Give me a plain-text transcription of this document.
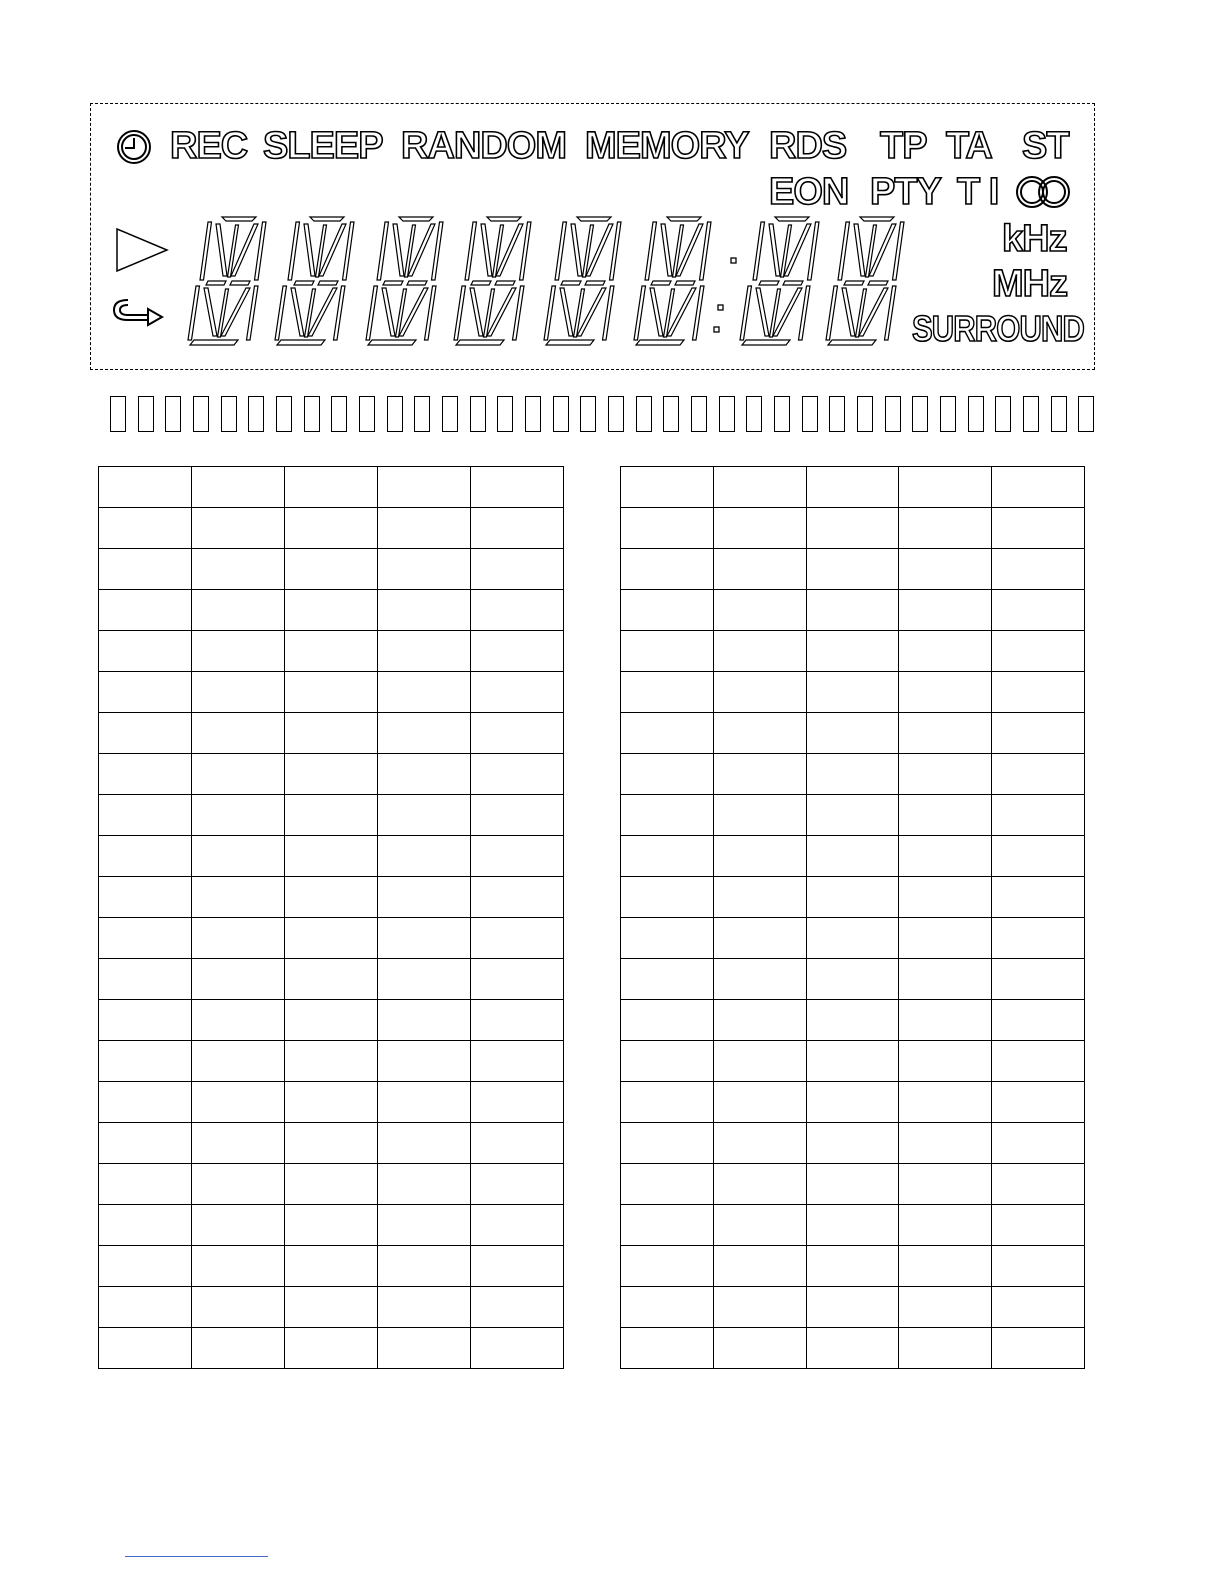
REC SLEEP RANDOM MEMORY RDS TP TA ST
EON PTY T I
kHz
MHz
SURROUND
